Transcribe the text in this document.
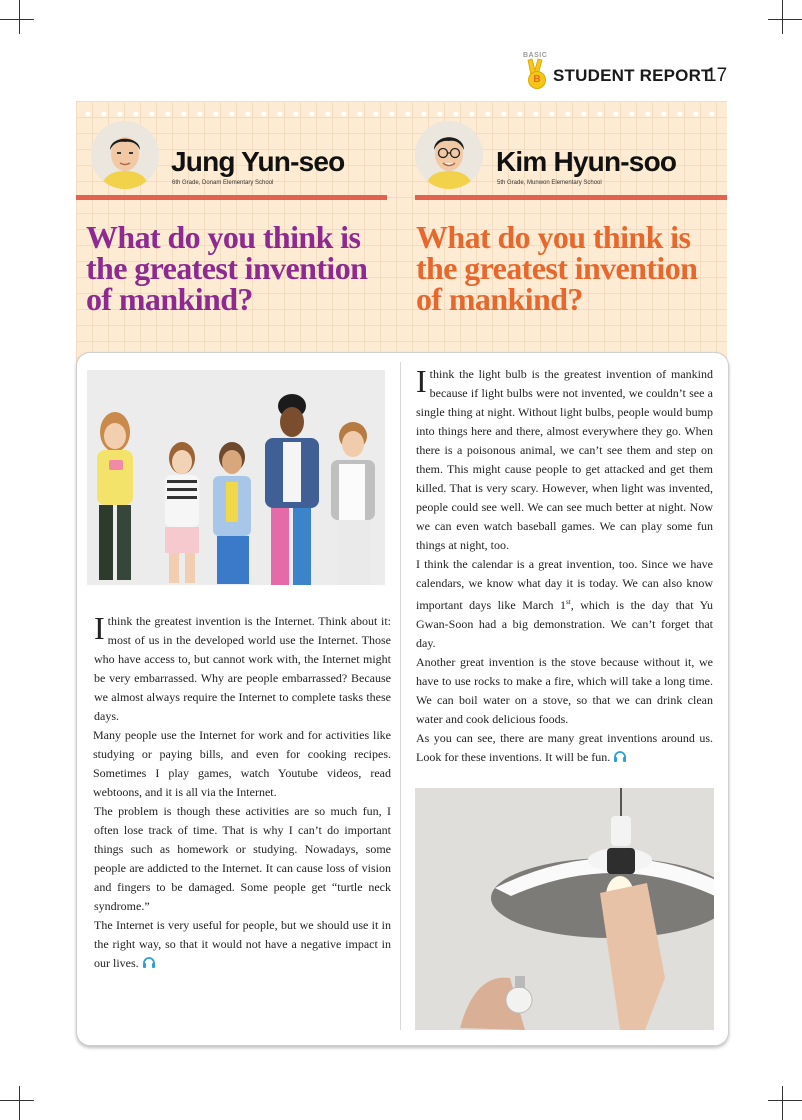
BASIC
B STUDENT REPORT
17
Jung Yun-seo
6th Grade, Donam Elementary School
What do you think is
the greatest invention
of mankind?
Kim Hyun-soo
5th Grade, Munwon Elementary School
What do you think is
the greatest invention
of mankind?

I think the greatest invention is the Internet. Think about it: most of us in the developed world use the Internet. Those who have access to, but cannot work with, the Internet might be very embarrassed. Why are people embarrassed? Because we almost always require the Internet to complete tasks these days.

Many people use the Internet for work and for activities like studying or paying bills, and even for cooking recipes. Sometimes I play games, watch Youtube videos, read webtoons, and it is all via the Internet.

The problem is though these activities are so much fun, I often lose track of time. That is why I can’t do important things such as homework or studying. Nowadays, some people are addicted to the Internet. It can cause loss of vision and fingers to be damaged. Some people get “turtle neck syndrome.”

The Internet is very useful for people, but we should use it in the right way, so that it would not have a negative impact in our lives.

I think the light bulb is the greatest invention of mankind because if light bulbs were not invented, we couldn’t see a single thing at night. Without light bulbs, people would bump into things here and there, almost everywhere they go. When there is a poisonous animal, we can’t see them and step on them. This might cause people to get attacked and get them killed. That is very scary. However, when light was invented, people could see well. We can see much better at night. Now we can even watch baseball games. We can play some fun things at night, too.

I think the calendar is a great invention, too. Since we have calendars, we know what day it is today. We can also know important days like March 1st, which is the day that Yu Gwan-Soon had a big demonstration. We can’t forget that day.

Another great invention is the stove because without it, we have to use rocks to make a fire, which will take a long time. We can boil water on a stove, so that we can drink clean water and cook delicious foods.

As you can see, there are many great inventions around us. Look for these inventions. It will be fun.
